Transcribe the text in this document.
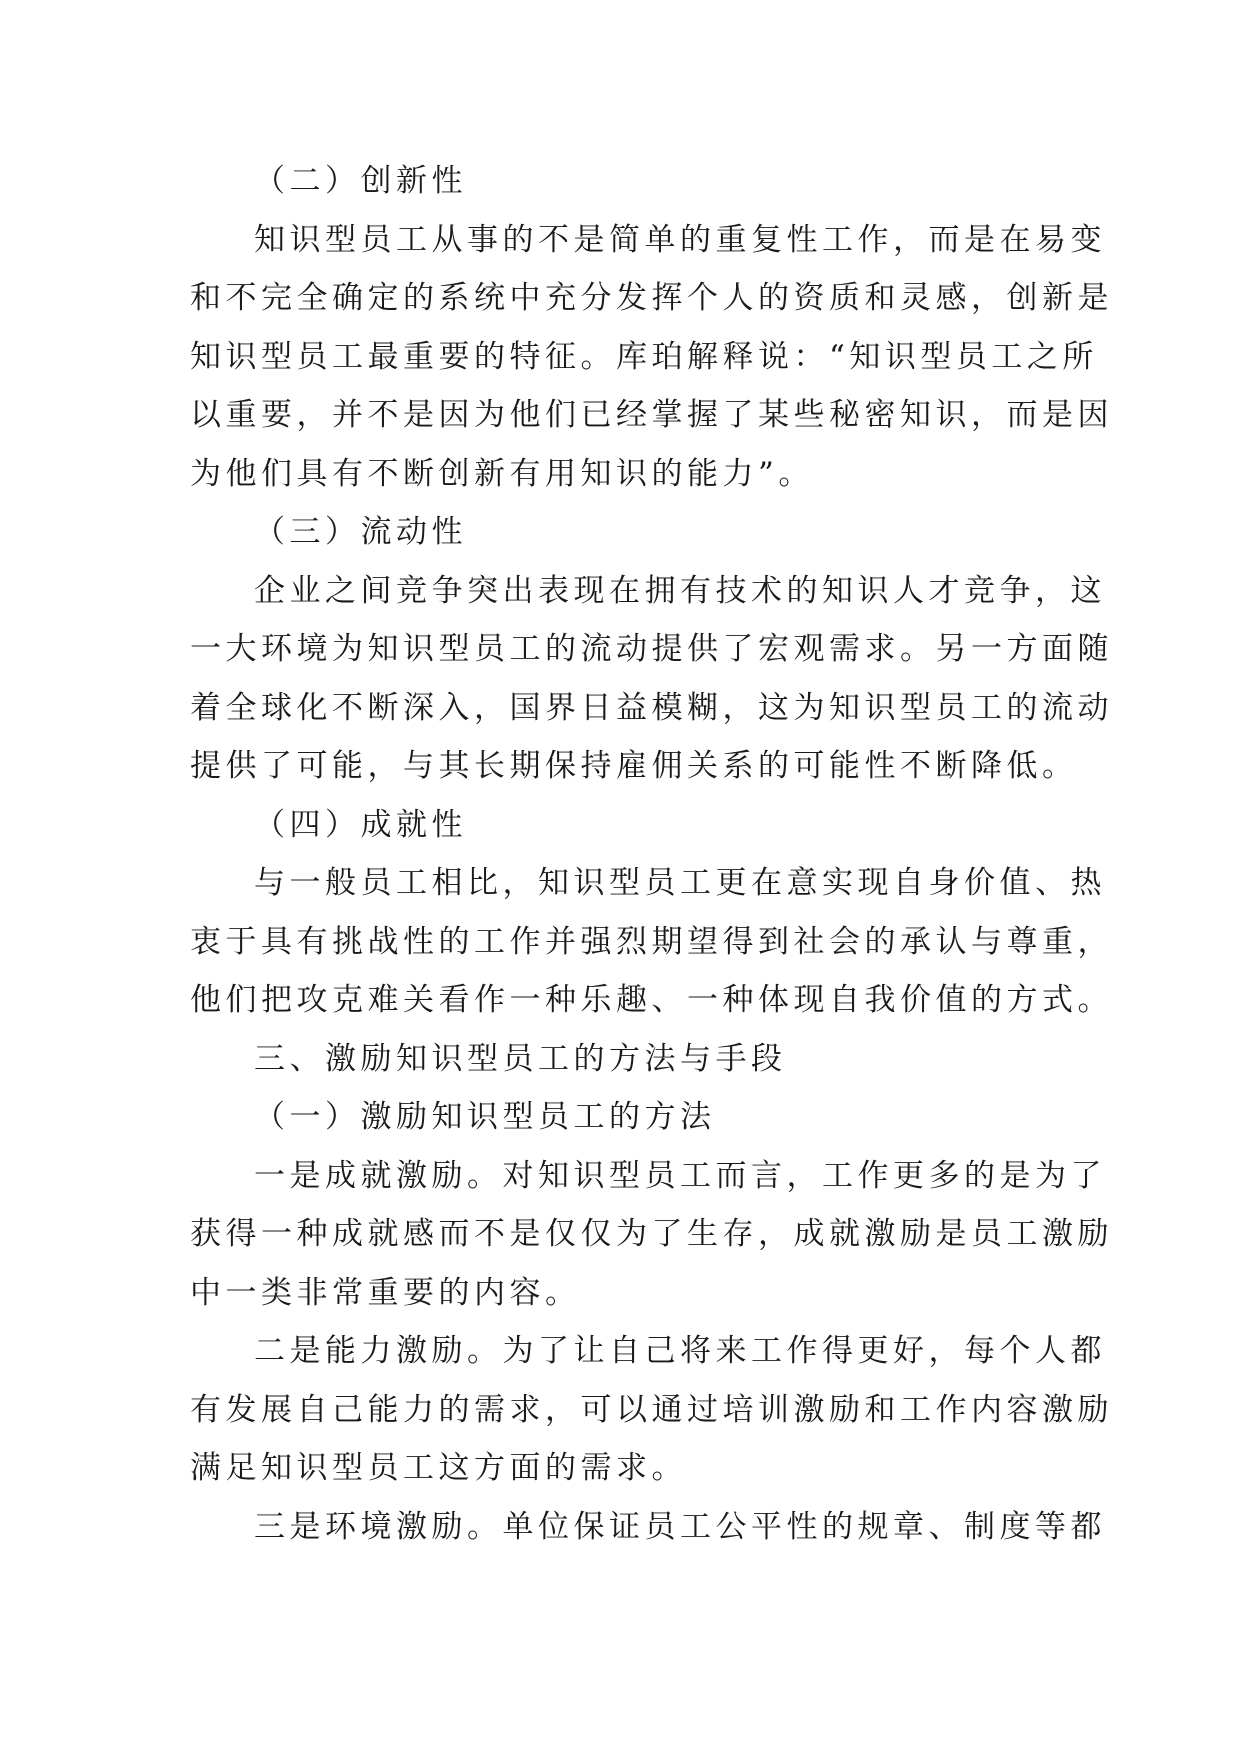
（二）创新性
知识型员工从事的不是简单的重复性工作，而是在易变
和不完全确定的系统中充分发挥个人的资质和灵感，创新是
知识型员工最重要的特征。库珀解释说：“知识型员工之所
以重要，并不是因为他们已经掌握了某些秘密知识，而是因
为他们具有不断创新有用知识的能力”。
（三）流动性
企业之间竞争突出表现在拥有技术的知识人才竞争，这
一大环境为知识型员工的流动提供了宏观需求。另一方面随
着全球化不断深入，国界日益模糊，这为知识型员工的流动
提供了可能，与其长期保持雇佣关系的可能性不断降低。
（四）成就性
与一般员工相比，知识型员工更在意实现自身价值、热
衷于具有挑战性的工作并强烈期望得到社会的承认与尊重，
他们把攻克难关看作一种乐趣、一种体现自我价值的方式。
三、激励知识型员工的方法与手段
（一）激励知识型员工的方法
一是成就激励。对知识型员工而言，工作更多的是为了
获得一种成就感而不是仅仅为了生存，成就激励是员工激励
中一类非常重要的内容。
二是能力激励。为了让自己将来工作得更好，每个人都
有发展自己能力的需求，可以通过培训激励和工作内容激励
满足知识型员工这方面的需求。
三是环境激励。单位保证员工公平性的规章、制度等都
